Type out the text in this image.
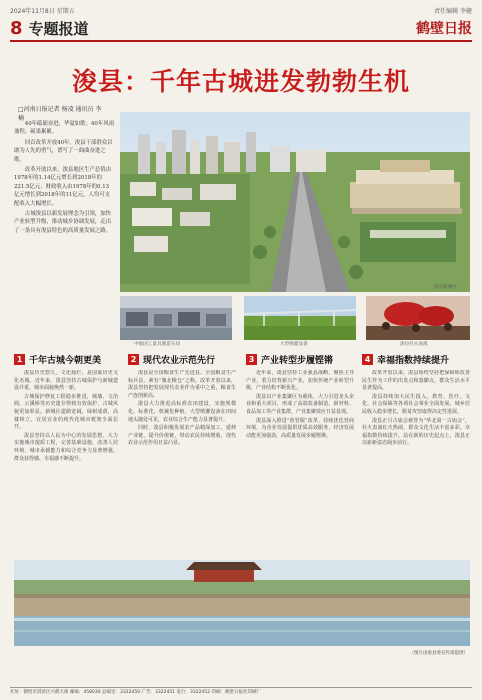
2024年11月8日 星期五	责任编辑 李健
8 专题报道	鹤壁日报
浚县：千年古城进发勃勃生机
□河南日报记者 杨凌 通讯员 李楠

40年砥砺奋进，华夏如歌；40年风雨兼程，硕果累累。

回首改革开放40年，浚县干部群众以敢为人先的勇气，谱写了一曲曲奋进之歌。

改革开放以来，浚县地区生产总值由1978年的1.14亿元增长到2018年的221.5亿元；财政收入由1978年的0.13亿元增长到2018年的11亿元，人均可支配收入大幅增长。

古城浚县以新发展理念为引领，加快产业转型升级，推动城乡协调发展，走出了一条具有浚县特色的高质量发展之路。

浚县新城区
中航国工量具制造车间	大型喷灌设备	浚县社火表演
1 千年古城今朝更美	2 现代农业示范先行	3 产业转型步履铿锵	4 幸福指数持续提升

浚县历史悠久，文化灿烂，是国家历史文化名城。近年来，浚县坚持古城保护与新城建设并重，城市面貌焕然一新。

古城保护修复工程稳步推进，城墙、文治阁、云溪桥等历史遗存得到有效保护，古城风貌更加彰显。新城区道路宽阔，绿树成荫，高楼林立，宜居宜业的现代化城市框架全面拉开。

浚县坚持以人民为中心的发展思想，大力实施城市提质工程，完善基础设施，改善人居环境，城市承载能力和综合竞争力显著增强，群众获得感、幸福感不断提升。

浚县是全国粮食生产先进县、全国粮食生产标兵县，素有“豫北粮仓”之称。改革开放以来，浚县坚持把发展现代农业作为重中之重，粮食生产连创新高。

浚县大力推进高标准农田建设，实施规模化、标准化、机械化种植，大型喷灌设备在田间地头随处可见，农业综合生产能力显著提升。

同时，浚县积极发展农产品精深加工，延伸产业链，提升价值链，带动农民持续增收，现代农业示范作用日益凸显。

近年来，浚县坚持工业强县战略，聚焦主导产业，着力培育新兴产业，加快传统产业转型升级，产业结构不断优化。

浚县以产业集聚区为载体，大力引进龙头企业和重大项目，形成了高端装备制造、新材料、食品加工等产业集群，产业集聚效应日益显现。

浚县深入推进“放管服”改革，持续优化营商环境，为企业发展提供优质高效服务，经济发展动能更加强劲，高质量发展步履铿锵。

改革开放以来，浚县始终坚持把保障和改善民生作为工作的出发点和落脚点，群众生活水平显著提高。

浚县持续加大民生投入，教育、医疗、文化、社会保障等各项社会事业全面发展，城乡居民收入稳步增长，脱贫攻坚取得决定性进展。

浚县正月古庙会被誉为“华北第一古庙会”，社火表演红火热闹，群众文化生活丰富多彩，幸福指数持续提升。站在新的历史起点上，浚县正以崭新姿态阔步前行。

（图片由浚县委宣传部提供）
社址：鹤壁市淇滨区兴鹤大街 邮编：458030 总编室：3322450 广告：3322451 发行：3322452 印刷：鹤壁日报社印刷厂
